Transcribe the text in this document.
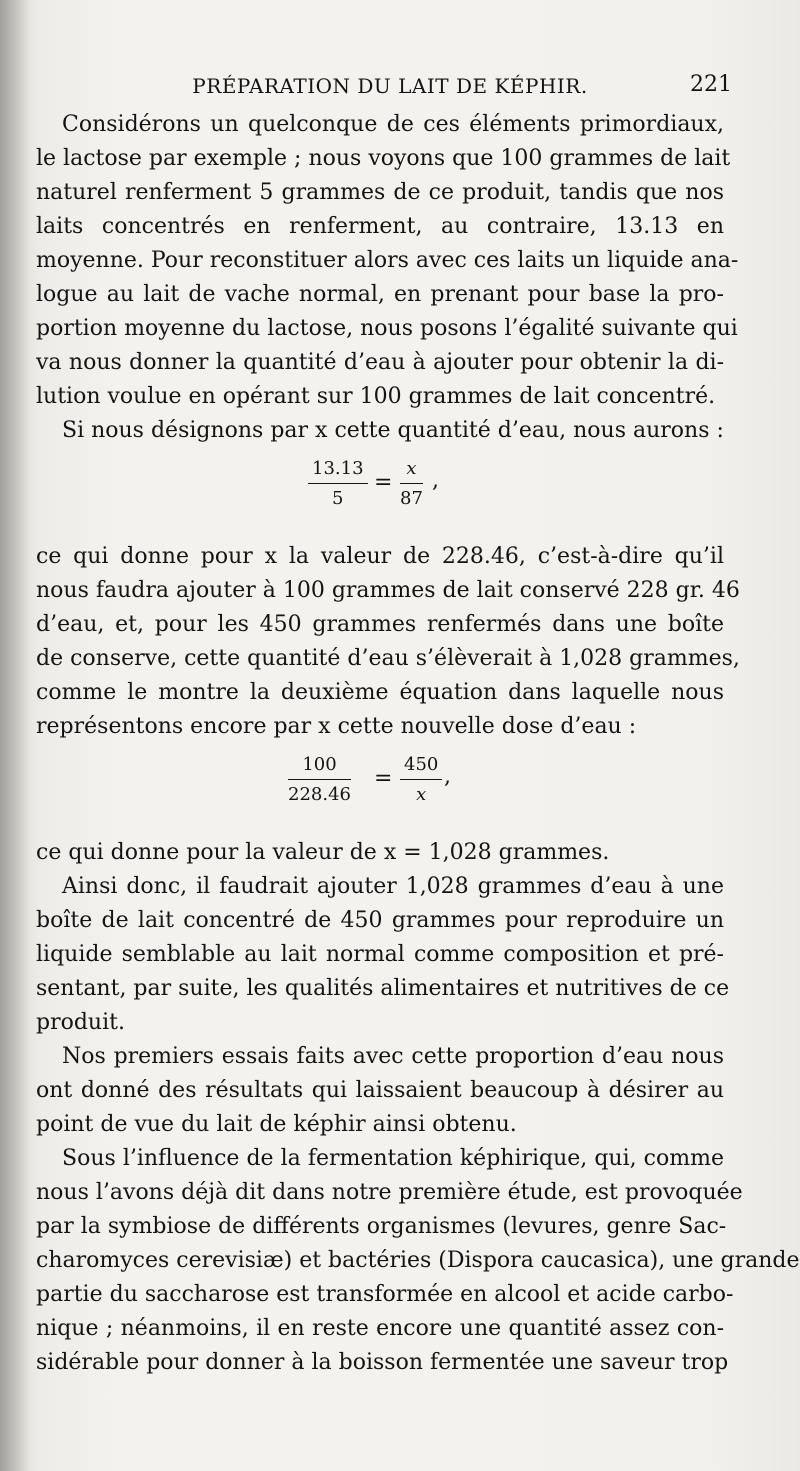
PRÉPARATION DU LAIT DE KÉPHIR.	221
Considérons un quelconque de ces éléments primordiaux,
le lactose par exemple ; nous voyons que 100 grammes de lait
naturel renferment 5 grammes de ce produit, tandis que nos
laits concentrés en renferment, au contraire, 13.13 en
moyenne. Pour reconstituer alors avec ces laits un liquide ana-
logue au lait de vache normal, en prenant pour base la pro-
portion moyenne du lactose, nous posons l’égalité suivante qui
va nous donner la quantité d’eau à ajouter pour obtenir la di-
lution voulue en opérant sur 100 grammes de lait concentré.
Si nous désignons par x cette quantité d’eau, nous aurons :
$\frac{13.13}{5} = \frac{x}{87}$ ,
ce qui donne pour x la valeur de 228.46, c’est-à-dire qu’il
nous faudra ajouter à 100 grammes de lait conservé 228 gr. 46
d’eau, et, pour les 450 grammes renfermés dans une boîte
de conserve, cette quantité d’eau s’élèverait à 1,028 grammes,
comme le montre la deuxième équation dans laquelle nous
représentons encore par x cette nouvelle dose d’eau :
$\frac{100}{228.46} = \frac{450}{x}$ ,
ce qui donne pour la valeur de x = 1,028 grammes.
Ainsi donc, il faudrait ajouter 1,028 grammes d’eau à une
boîte de lait concentré de 450 grammes pour reproduire un
liquide semblable au lait normal comme composition et pré-
sentant, par suite, les qualités alimentaires et nutritives de ce
produit.
Nos premiers essais faits avec cette proportion d’eau nous
ont donné des résultats qui laissaient beaucoup à désirer au
point de vue du lait de képhir ainsi obtenu.
Sous l’influence de la fermentation képhirique, qui, comme
nous l’avons déjà dit dans notre première étude, est provoquée
par la symbiose de différents organismes (levures, genre Sac-
charomyces cerevisiæ) et bactéries (Dispora caucasica), une grande
partie du saccharose est transformée en alcool et acide carbo-
nique ; néanmoins, il en reste encore une quantité assez con-
sidérable pour donner à la boisson fermentée une saveur trop
